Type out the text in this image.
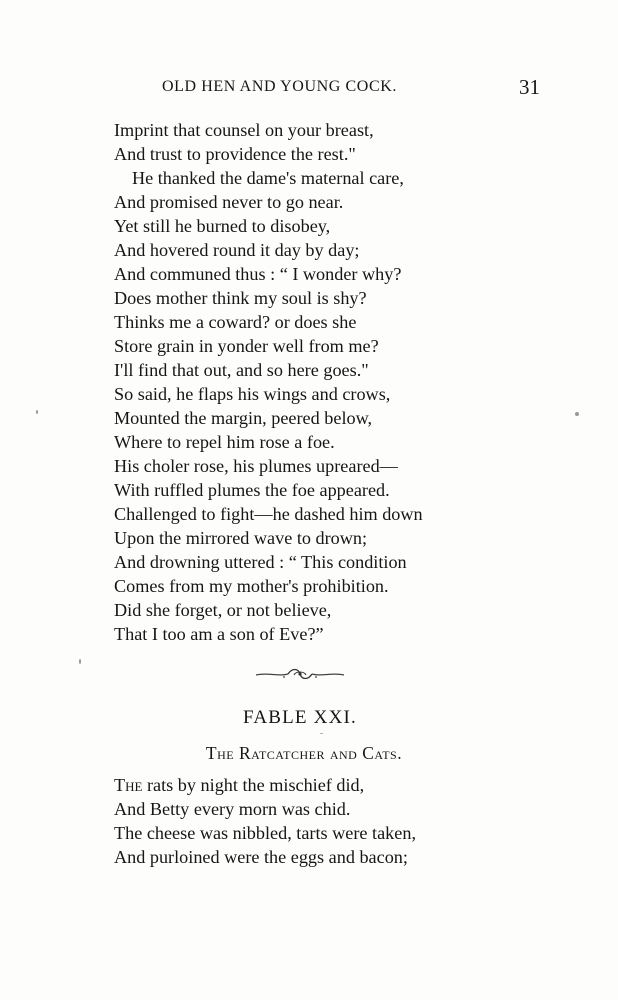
OLD HEN AND YOUNG COCK.	31
Imprint that counsel on your breast,
And trust to providence the rest."
He thanked the dame's maternal care,
And promised never to go near.
Yet still he burned to disobey,
And hovered round it day by day;
And communed thus : “ I wonder why?
Does mother think my soul is shy?
Thinks me a coward? or does she
Store grain in yonder well from me?
I'll find that out, and so here goes."
So said, he flaps his wings and crows,
Mounted the margin, peered below,
Where to repel him rose a foe.
His choler rose, his plumes upreared—
With ruffled plumes the foe appeared.
Challenged to fight—he dashed him down
Upon the mirrored wave to drown;
And drowning uttered : “ This condition
Comes from my mother's prohibition.
Did she forget, or not believe,
That I too am a son of Eve?”
FABLE XXI.
The Ratcatcher and Cats.
The rats by night the mischief did,
And Betty every morn was chid.
The cheese was nibbled, tarts were taken,
And purloined were the eggs and bacon;
